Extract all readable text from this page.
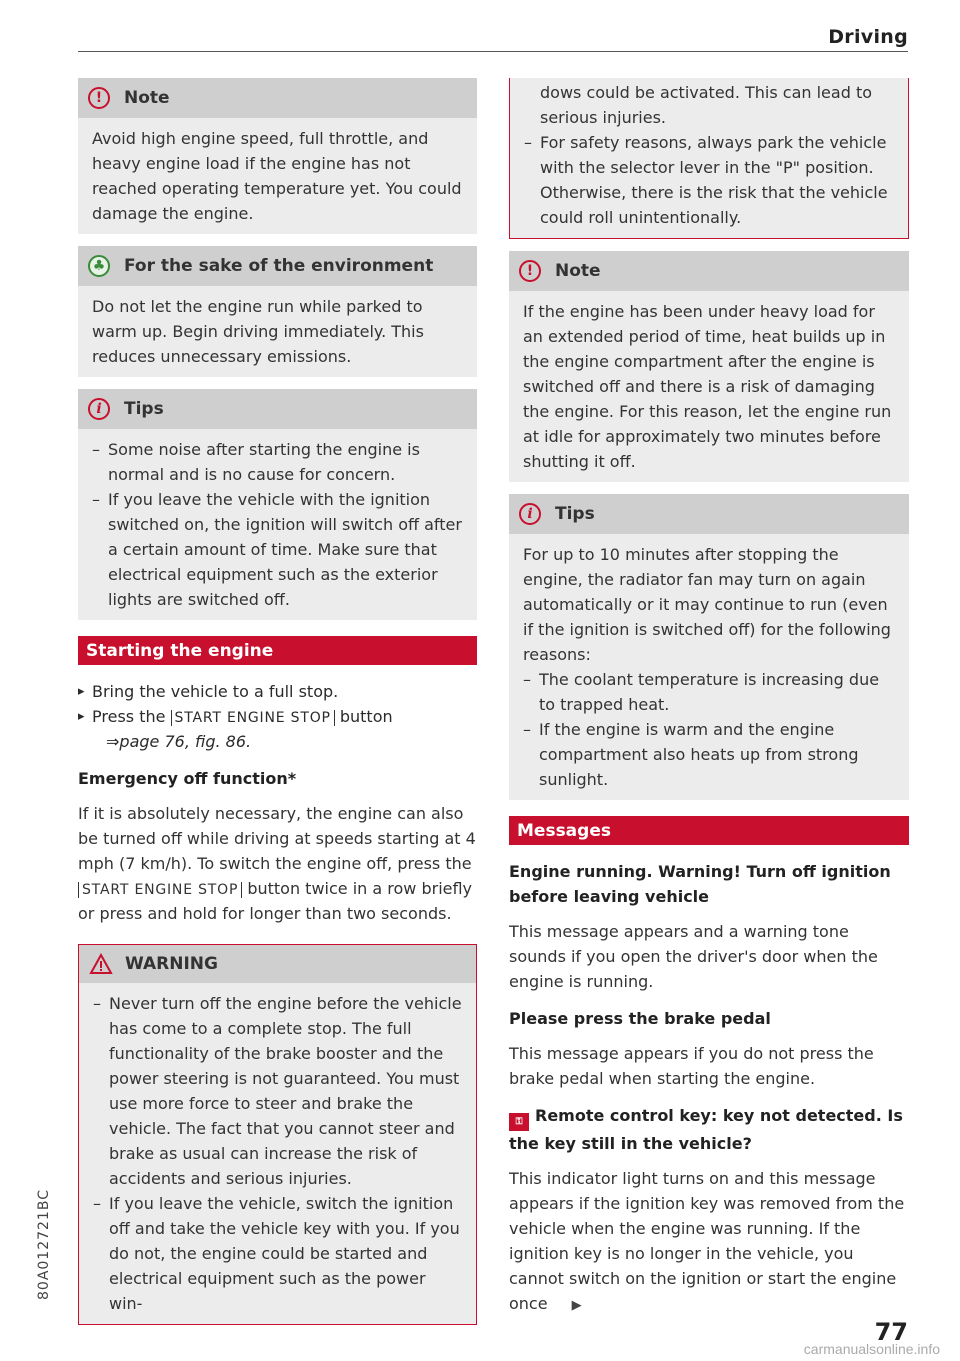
Driving
!	Note

Avoid high engine speed, full throttle, and heavy engine load if the engine has not reached operating temperature yet. You could damage the engine.

♣ For the sake of the environment

Do not let the engine run while parked to warm up. Begin driving immediately. This reduces unnecessary emissions.

i	Tips
– Some noise after starting the engine is normal and is no cause for concern.
– If you leave the vehicle with the ignition switched on, the ignition will switch off after a certain amount of time. Make sure that electrical equipment such as the exterior lights are switched off.
Starting the engine
▸ Bring the vehicle to a full stop.
▸ Press the START ENGINE STOP button
⇒page 76, fig. 86.
Emergency off function*

If it is absolutely necessary, the engine can also be turned off while driving at speeds starting at 4 mph (7 km/h). To switch the engine off, press the START ENGINE STOP button twice in a row briefly or press and hold for longer than two seconds.

WARNING
– Never turn off the engine before the vehicle has come to a complete stop. The full functionality of the brake booster and the power steering is not guaranteed. You must use more force to steer and brake the vehicle. The fact that you cannot steer and brake as usual can increase the risk of accidents and serious injuries.
– If you leave the vehicle, switch the ignition off and take the vehicle key with you. If you do not, the engine could be started and electrical equipment such as the power win-

dows could be activated. This can lead to serious injuries.

– For safety reasons, always park the vehicle with the selector lever in the "P" position. Otherwise, there is the risk that the vehicle could roll unintentionally.
!	Note

If the engine has been under heavy load for an extended period of time, heat builds up in the engine compartment after the engine is switched off and there is a risk of damaging the engine. For this reason, let the engine run at idle for approximately two minutes before shutting it off.

i	Tips

For up to 10 minutes after stopping the engine, the radiator fan may turn on again automatically or it may continue to run (even if the ignition is switched off) for the following reasons:

– The coolant temperature is increasing due to trapped heat.
– If the engine is warm and the engine compartment also heats up from strong sunlight.
Messages
Engine running. Warning! Turn off ignition before leaving vehicle

This message appears and a warning tone sounds if you open the driver's door when the engine is running.

Please press the brake pedal

This message appears if you do not press the brake pedal when starting the engine.

⚿ Remote control key: key not detected. Is the key still in the vehicle?

This indicator light turns on and this message appears if the ignition key was removed from the vehicle when the engine was running. If the ignition key is no longer in the vehicle, you cannot switch on the ignition or start the engine once ▶

80A012721BC
77
carmanualsonline.info
